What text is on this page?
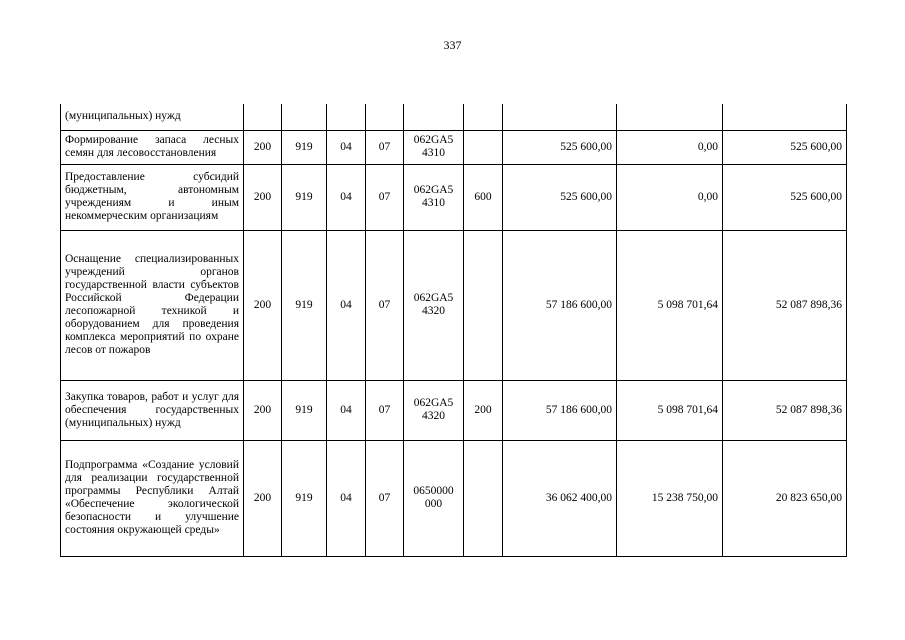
337
(муниципальных) нужд									
Формирование запаса лесных семян для лесовосстановления	200	919	04	07	062GA5 4310		525 600,00	0,00	525 600,00
Предоставление субсидий бюджетным, автономным учреждениям и иным некоммерческим организациям	200	919	04	07	062GA5 4310	600	525 600,00	0,00	525 600,00
Оснащение специализированных учреждений органов государственной власти субъектов Российской Федерации лесопожарной техникой и оборудованием для проведения комплекса мероприятий по охране лесов от пожаров	200	919	04	07	062GA5 4320		57 186 600,00	5 098 701,64	52 087 898,36
Закупка товаров, работ и услуг для обеспечения государственных (муниципальных) нужд	200	919	04	07	062GA5 4320	200	57 186 600,00	5 098 701,64	52 087 898,36
Подпрограмма «Создание условий для реализации государственной программы Республики Алтай «Обеспечение экологической безопасности и улучшение состояния окружающей среды»	200	919	04	07	0650000 000		36 062 400,00	15 238 750,00	20 823 650,00
